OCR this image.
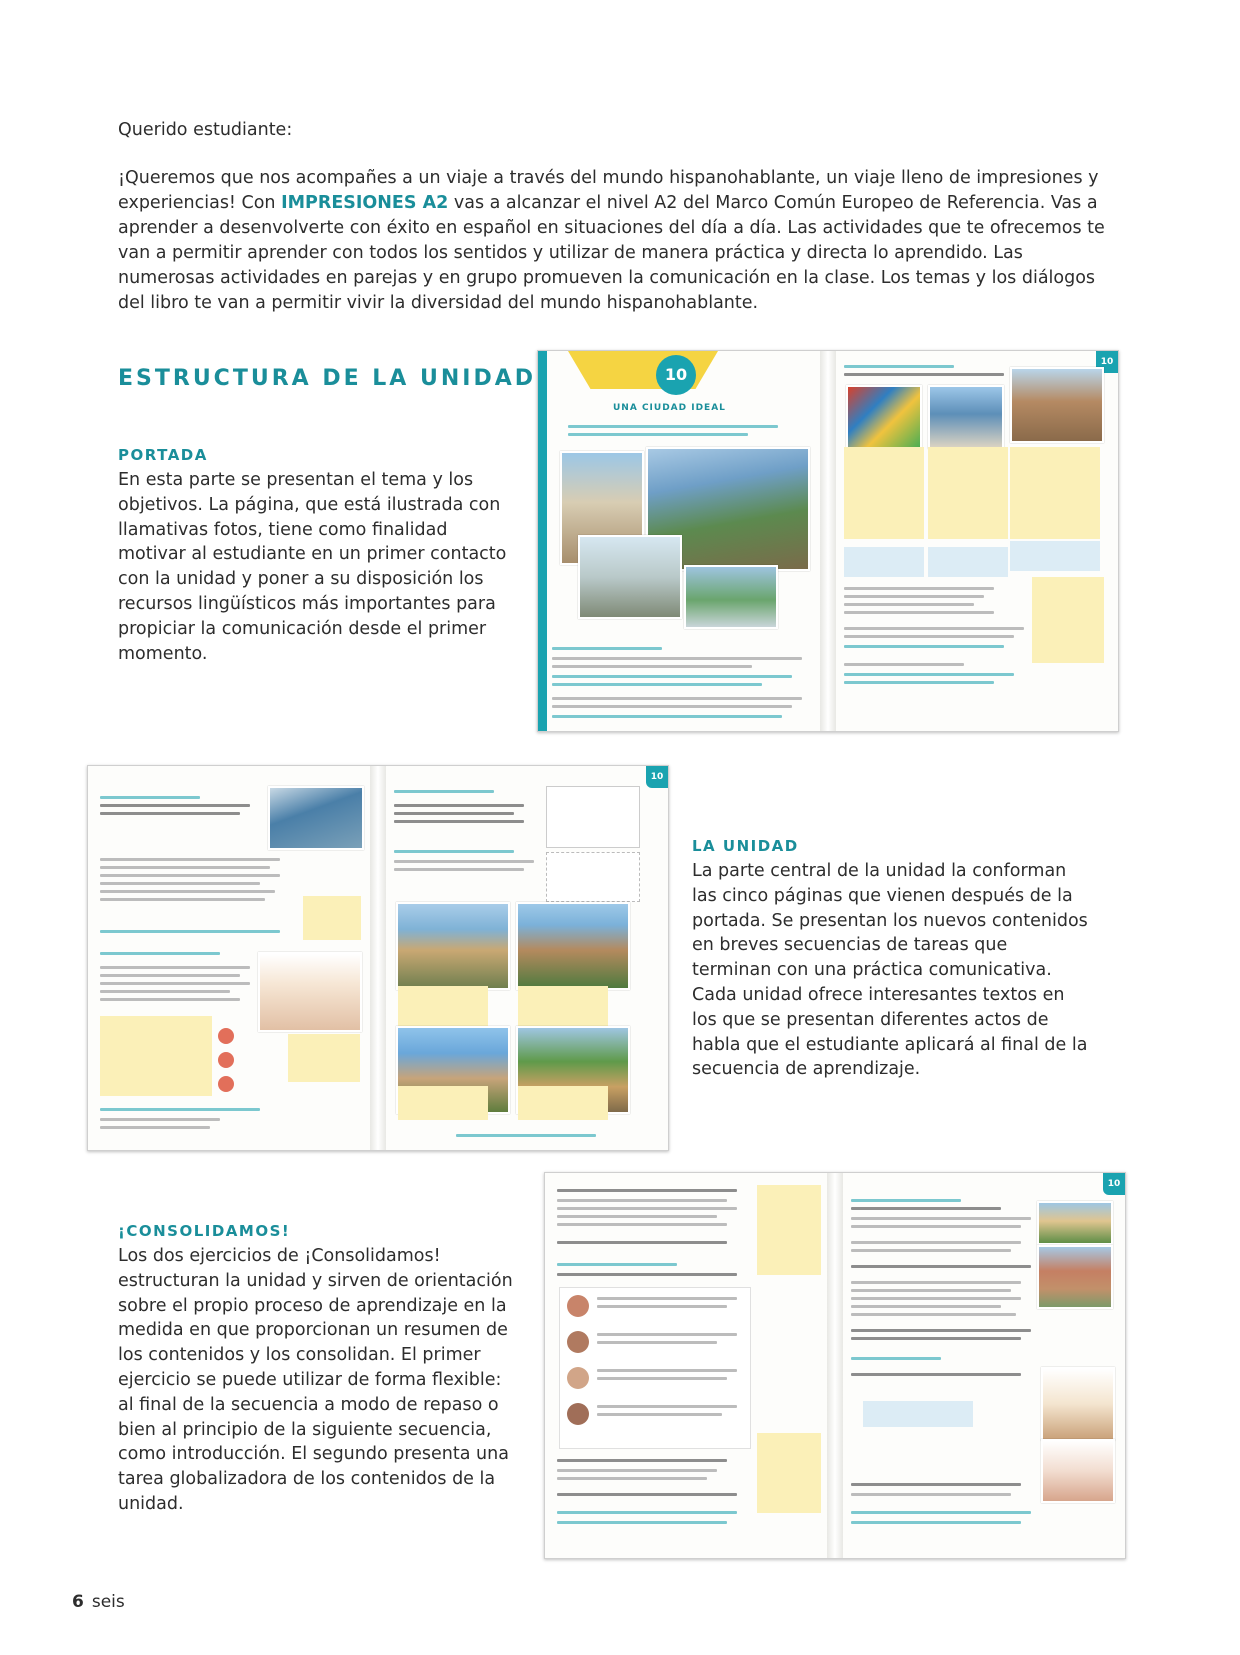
Querido estudiante:
¡Queremos que nos acompañes a un viaje a través del mundo hispanohablante, un viaje lleno de impresiones y experiencias! Con IMPRESIONES A2 vas a alcanzar el nivel A2 del Marco Común Europeo de Referencia. Vas a aprender a desenvolverte con éxito en español en situaciones del día a día. Las actividades que te ofrecemos te van a permitir aprender con todos los sentidos y utilizar de manera práctica y directa lo aprendido. Las numerosas actividades en parejas y en grupo promueven la comunicación en la clase. Los temas y los diálogos del libro te van a permitir vivir la diversidad del mundo hispanohablante.
ESTRUCTURA DE LA UNIDAD
PORTADA
En esta parte se presentan el tema y los objetivos. La página, que está ilustrada con llamativas fotos, tiene como finalidad motivar al estudiante en un primer contacto con la unidad y poner a su disposición los recursos lingüísticos más importantes para propiciar la comunicación desde el primer momento.
10
UNA CIUDAD IDEAL
10
10
LA UNIDAD
La parte central de la unidad la conforman las cinco páginas que vienen después de la portada. Se presentan los nuevos contenidos en breves secuencias de tareas que terminan con una práctica comunicativa.
Cada unidad ofrece interesantes textos en los que se presentan diferentes actos de habla que el estudiante aplicará al final de la secuencia de aprendizaje.
¡CONSOLIDAMOS!
Los dos ejercicios de ¡Consolidamos! estructuran la unidad y sirven de orientación sobre el propio proceso de aprendizaje en la medida en que proporcionan un resumen de los contenidos y los consolidan. El primer ejercicio se puede utilizar de forma flexible: al final de la secuencia a modo de repaso o bien al principio de la siguiente secuencia, como introducción. El segundo presenta una tarea globalizadora de los contenidos de la unidad.
10
6 seis
